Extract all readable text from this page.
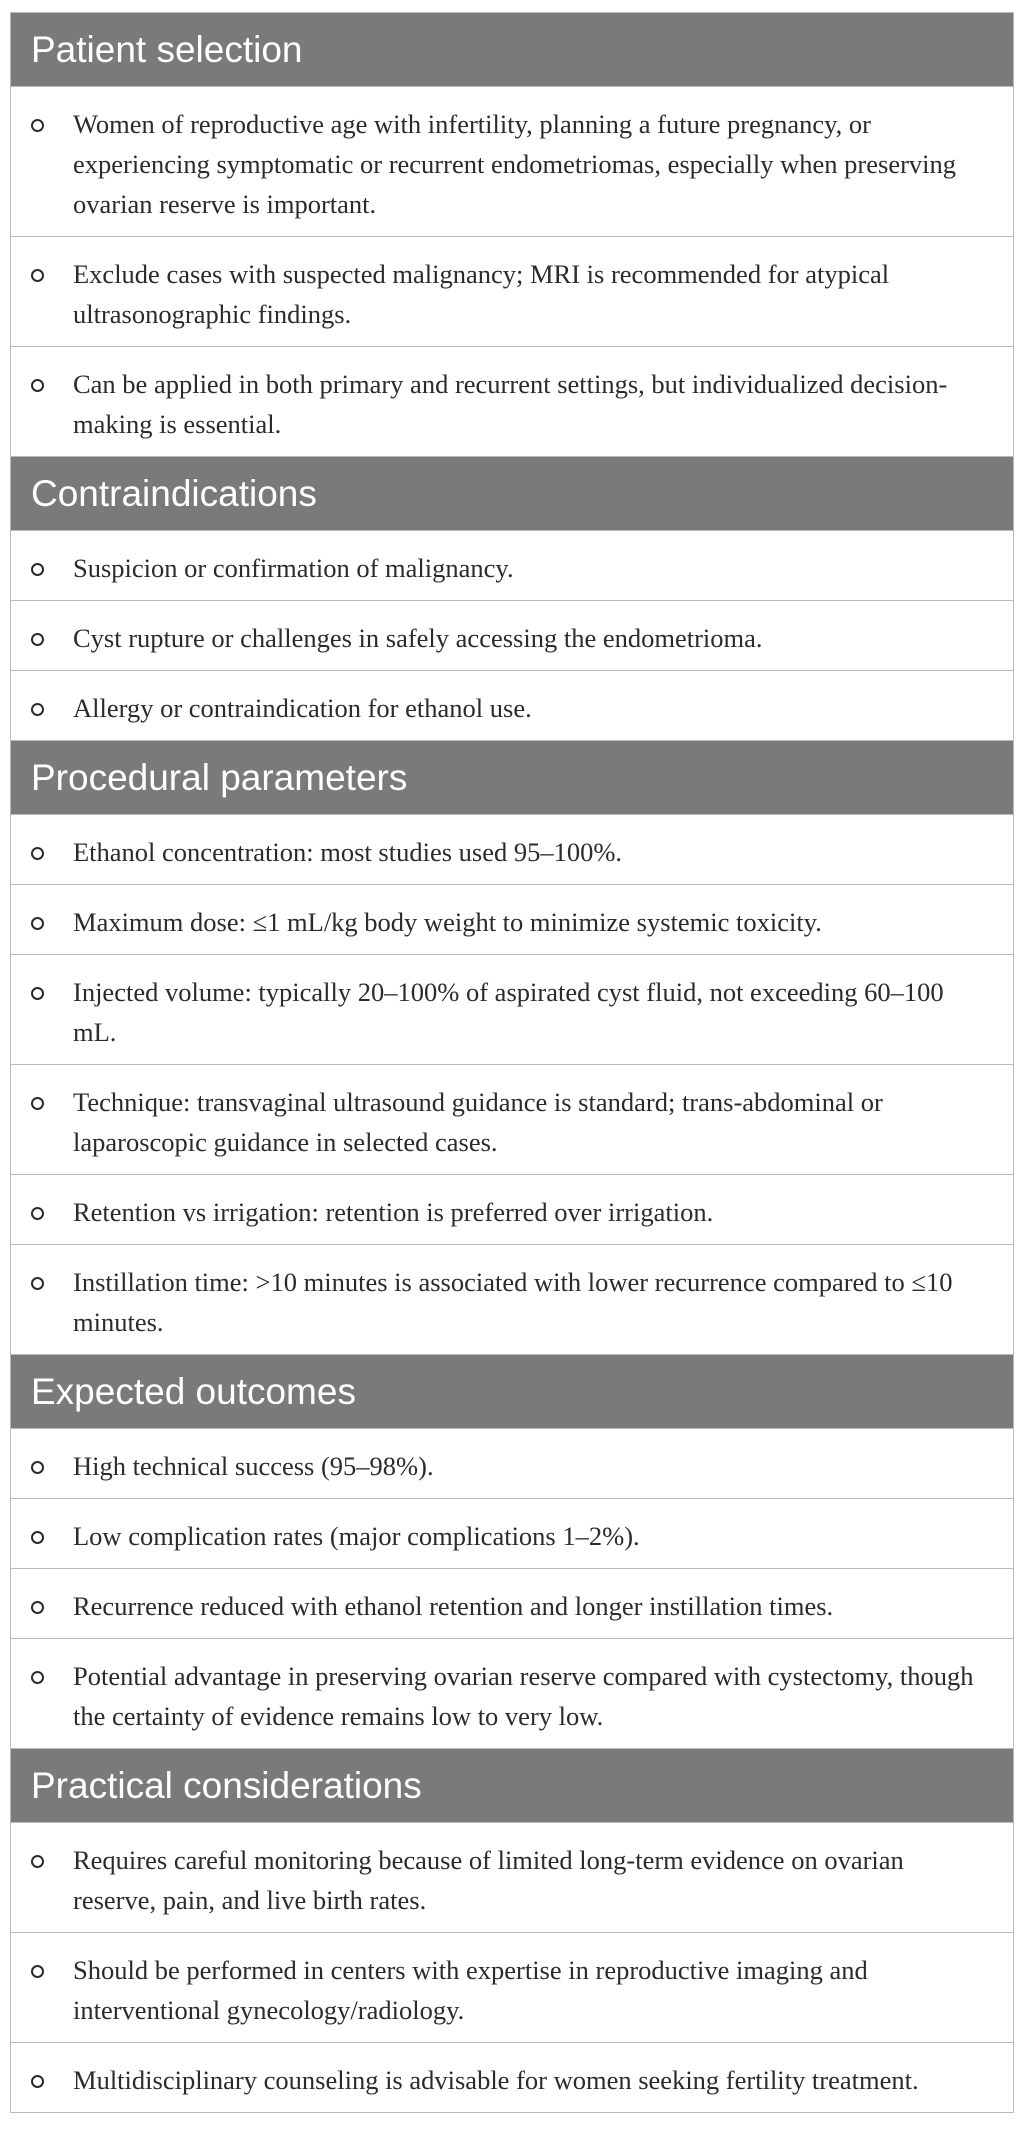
Patient selection
Women of reproductive age with infertility, planning a future pregnancy, or experiencing symptomatic or recurrent endometriomas, especially when preserving ovarian reserve is important.
Exclude cases with suspected malignancy; MRI is recommended for atypical ultrasonographic findings.
Can be applied in both primary and recurrent settings, but individualized decision-making is essential.
Contraindications
Suspicion or confirmation of malignancy.
Cyst rupture or challenges in safely accessing the endometrioma.
Allergy or contraindication for ethanol use.
Procedural parameters
Ethanol concentration: most studies used 95–100%.
Maximum dose: ≤1 mL/kg body weight to minimize systemic toxicity.
Injected volume: typically 20–100% of aspirated cyst fluid, not exceeding 60–100 mL.
Technique: transvaginal ultrasound guidance is standard; trans-abdominal or laparoscopic guidance in selected cases.
Retention vs irrigation: retention is preferred over irrigation.
Instillation time: >10 minutes is associated with lower recurrence compared to ≤10 minutes.
Expected outcomes
High technical success (95–98%).
Low complication rates (major complications 1–2%).
Recurrence reduced with ethanol retention and longer instillation times.
Potential advantage in preserving ovarian reserve compared with cystectomy, though the certainty of evidence remains low to very low.
Practical considerations
Requires careful monitoring because of limited long-term evidence on ovarian reserve, pain, and live birth rates.
Should be performed in centers with expertise in reproductive imaging and interventional gynecology/radiology.
Multidisciplinary counseling is advisable for women seeking fertility treatment.
